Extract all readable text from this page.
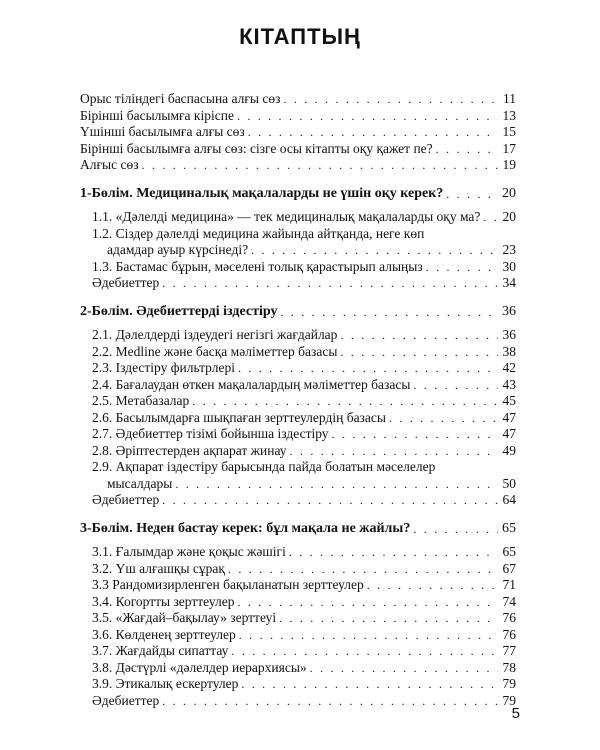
КІТАПТЫҢ
Орыс тіліндегі баспасына алғы сөз . . .	11
Бірінші басылымға кіріспе . . .	13
Үшінші басылымға алғы сөз . . .	15
Бірінші басылымға алғы сөз: сізге осы кітапты оқу қажет пе? . . .	17
Алғыс сөз . . .	19
1-Бөлім. Медициналық мақалаларды не үшін оқу керек? . . .	20
1.1. «Дәлелді медицина» — тек медициналық мақалаларды оқу ма? . . .	20
1.2. Сіздер дәлелді медицина жайында айтқанда, неге көп
адамдар ауыр күрсінеді? . . .	23
1.3. Бастамас бұрын, мәселені толық қарастырып алыңыз . . .	30
Әдебиеттер . . .	34
2-Бөлім. Әдебиеттерді іздестіру . . .	36
2.1. Дәлелдерді іздеудегі негізгі жағдайлар . . .	36
2.2. Medline және басқа мәліметтер базасы . . .	38
2.3. Іздестіру фильтрлері . . .	42
2.4. Бағалаудан өткен мақалалардың мәліметтер базасы . . .	43
2.5. Метабазалар . . .	45
2.6. Басылымдарға шықпаған зерттеулердің базасы . . .	47
2.7. Әдебиеттер тізімі бойынша іздестіру . . .	47
2.8. Әріптестерден ақпарат жинау . . .	49
2.9. Ақпарат іздестіру барысында пайда болатын мәселелер
мысалдары . . .	50
Әдебиеттер . . .	64
3-Бөлім. Неден бастау керек: бұл мақала не жайлы? . . .	65
3.1. Ғалымдар және қоқыс жәшігі . . .	65
3.2. Үш алғашқы сұрақ . . .	67
3.3 Рандомизирленген бақыланатын зерттеулер . . .	71
3.4. Когортты зерттеулер . . .	74
3.5. «Жағдай–бақылау» зерттеуі . . .	76
3.6. Көлденең зерттеулер . . .	76
3.7. Жағдайды сипаттау . . .	77
3.8. Дәстүрлі «дәлелдер иерархиясы» . . .	78
3.9. Этикалық ескертулер . . .	79
Әдебиеттер . . .	79
5
